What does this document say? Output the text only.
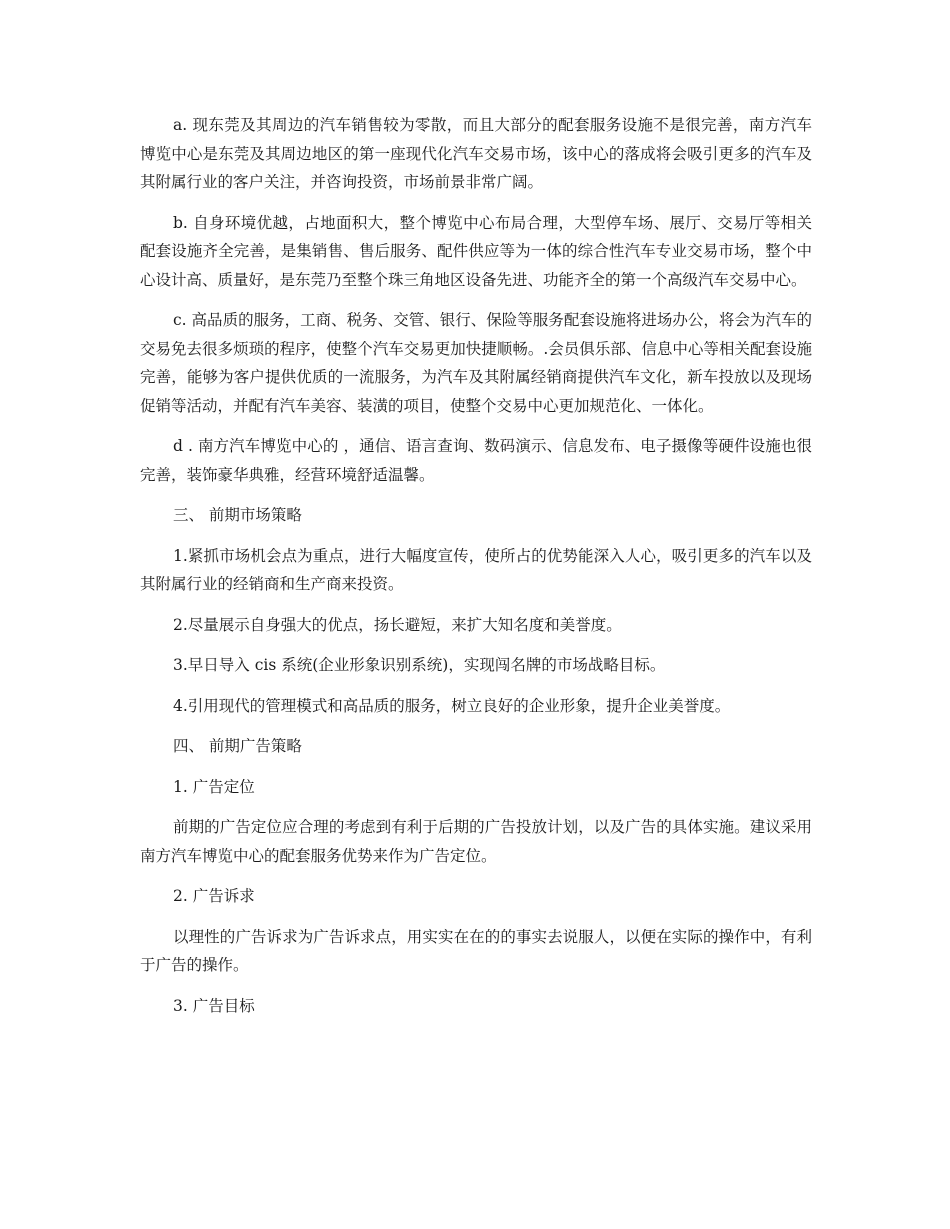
a. 现东莞及其周边的汽车销售较为零散，而且大部分的配套服务设施不是很完善，南方汽车博览中心是东莞及其周边地区的第一座现代化汽车交易市场，该中心的落成将会吸引更多的汽车及其附属行业的客户关注，并咨询投资，市场前景非常广阔。

b. 自身环境优越，占地面积大，整个博览中心布局合理，大型停车场、展厅、交易厅等相关配套设施齐全完善，是集销售、售后服务、配件供应等为一体的综合性汽车专业交易市场，整个中心设计高、质量好，是东莞乃至整个珠三角地区设备先进、功能齐全的第一个高级汽车交易中心。

c. 高品质的服务，工商、税务、交管、银行、保险等服务配套设施将进场办公，将会为汽车的交易免去很多烦琐的程序，使整个汽车交易更加快捷顺畅。.会员俱乐部、信息中心等相关配套设施完善，能够为客户提供优质的一流服务，为汽车及其附属经销商提供汽车文化，新车投放以及现场促销等活动，并配有汽车美容、装潢的项目，使整个交易中心更加规范化、一体化。

d . 南方汽车博览中心的 ，通信、语言查询、数码演示、信息发布、电子摄像等硬件设施也很完善，装饰豪华典雅，经营环境舒适温馨。

三、 前期市场策略

1.紧抓市场机会点为重点，进行大幅度宣传，使所占的优势能深入人心，吸引更多的汽车以及其附属行业的经销商和生产商来投资。

2.尽量展示自身强大的优点，扬长避短，来扩大知名度和美誉度。

3.早日导入 cis 系统(企业形象识别系统)，实现闯名牌的市场战略目标。

4.引用现代的管理模式和高品质的服务，树立良好的企业形象，提升企业美誉度。

四、 前期广告策略

1. 广告定位

前期的广告定位应合理的考虑到有利于后期的广告投放计划，以及广告的具体实施。建议采用南方汽车博览中心的配套服务优势来作为广告定位。

2. 广告诉求

以理性的广告诉求为广告诉求点，用实实在在的的事实去说服人，以便在实际的操作中，有利于广告的操作。

3. 广告目标
